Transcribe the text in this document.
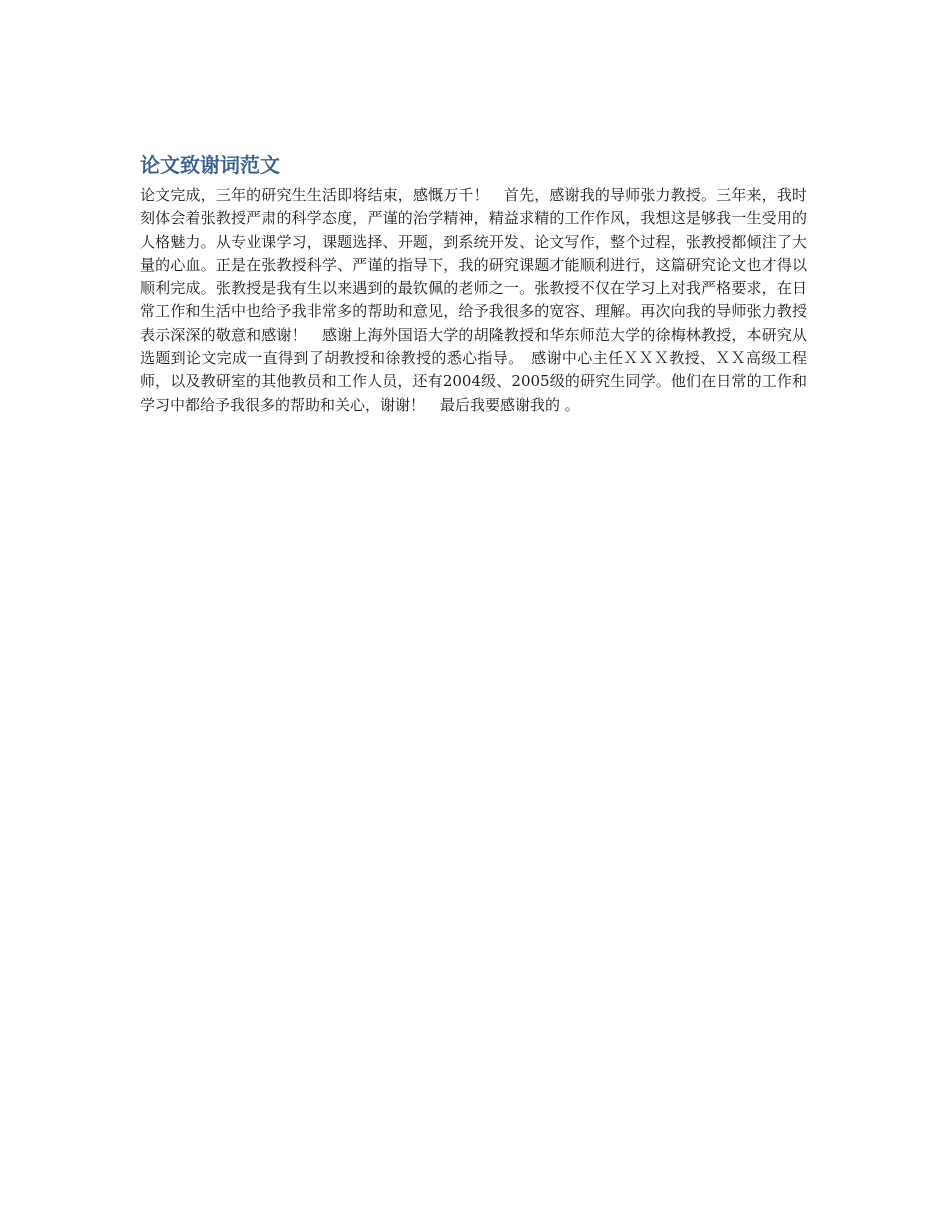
论文致谢词范文

论文完成，三年的研究生生活即将结束，感慨万千！　首先，感谢我的导师张力教授。三年来，我时刻体会着张教授严肃的科学态度，严谨的治学精神，精益求精的工作作风，我想这是够我一生受用的人格魅力。从专业课学习，课题选择、开题，到系统开发、论文写作，整个过程，张教授都倾注了大量的心血。正是在张教授科学、严谨的指导下，我的研究课题才能顺利进行，这篇研究论文也才得以顺利完成。张教授是我有生以来遇到的最钦佩的老师之一。张教授不仅在学习上对我严格要求，在日常工作和生活中也给予我非常多的帮助和意见，给予我很多的宽容、理解。再次向我的导师张力教授表示深深的敬意和感谢！　感谢上海外国语大学的胡隆教授和华东师范大学的徐梅林教授，本研究从选题到论文完成一直得到了胡教授和徐教授的悉心指导。　感谢中心主任ＸＸＸ教授、ＸＸ高级工程师，以及教研室的其他教员和工作人员，还有2004级、2005级的研究生同学。他们在日常的工作和学习中都给予我很多的帮助和关心，谢谢！　最后我要感谢我的 。
